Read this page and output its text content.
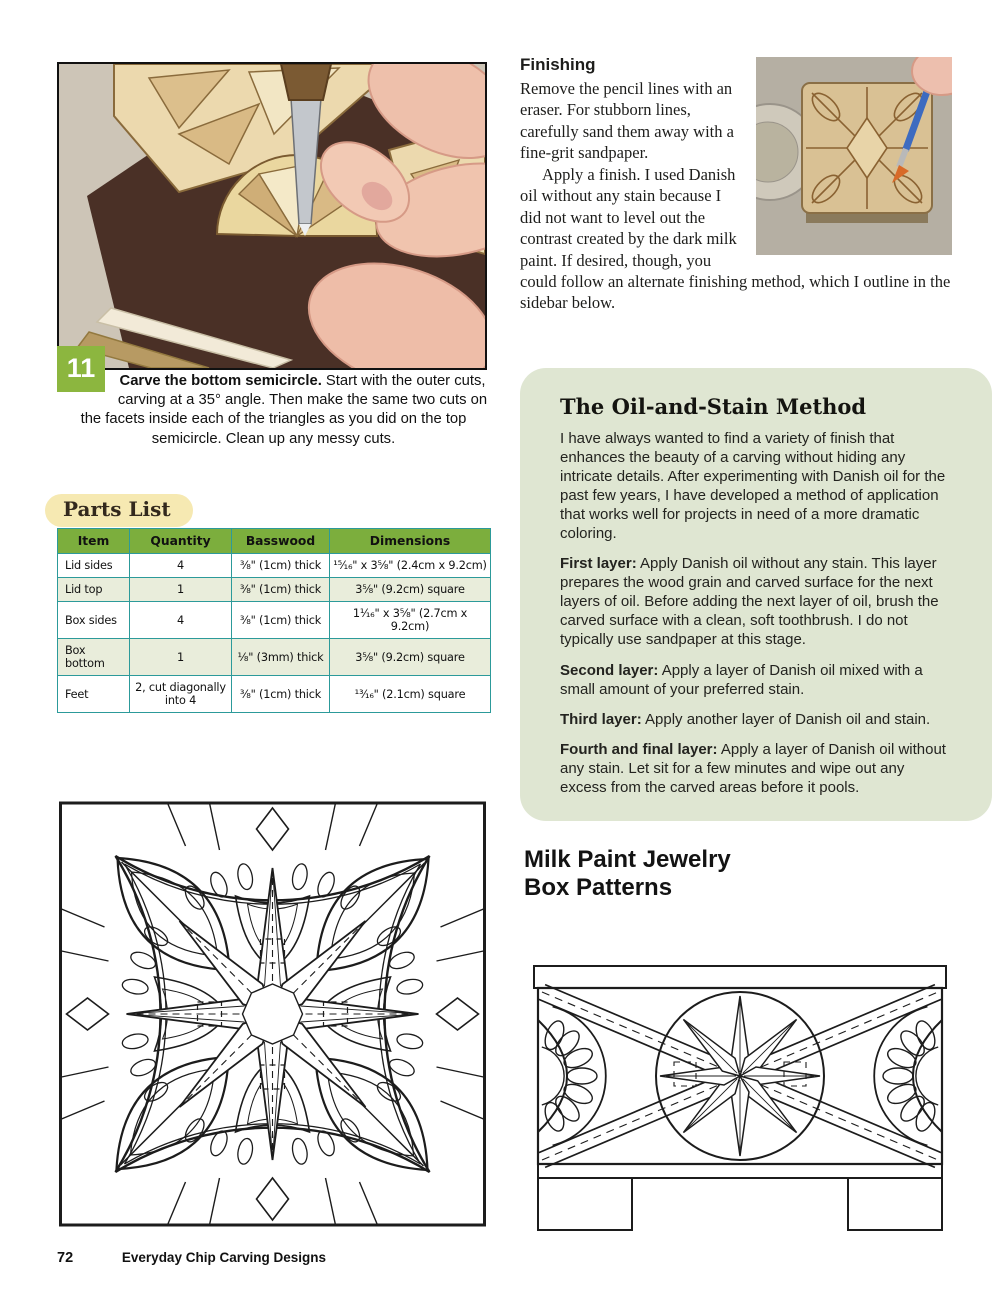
11	Carve the bottom semicircle. Start with the outer cuts, carving at a 35° angle. Then make the same two cuts on the facets inside each of the triangles as you did on the top semicircle. Clean up any messy cuts.
Parts List
Item	Quantity	Basswood	Dimensions
Lid sides	4	⅜" (1cm) thick	¹⁵⁄₁₆" x 3⅝" (2.4cm x 9.2cm)
Lid top	1	⅜" (1cm) thick	3⅝" (9.2cm) square
Box sides	4	⅜" (1cm) thick	1¹⁄₁₆" x 3⅝" (2.7cm x 9.2cm)
Box bottom	1	⅛" (3mm) thick	3⅝" (9.2cm) square
Feet	2, cut diagonally into 4	⅜" (1cm) thick	¹³⁄₁₆" (2.1cm) square
Finishing

Remove the pencil lines with an eraser. For stubborn lines, carefully sand them away with a fine-grit sandpaper.

Apply a finish. I used Danish oil without any stain because I did not want to level out the contrast created by the dark milk paint. If desired, though, you could follow an alternate finishing method, which I outline in the sidebar below.

The Oil-and-Stain Method

I have always wanted to find a variety of finish that enhances the beauty of a carving without hiding any intricate details. After experimenting with Danish oil for the past few years, I have developed a method of application that works well for projects in need of a more dramatic coloring.

First layer: Apply Danish oil without any stain. This layer prepares the wood grain and carved surface for the next layers of oil. Before adding the next layer of oil, brush the carved surface with a clean, soft toothbrush. I do not typically use sandpaper at this stage.

Second layer: Apply a layer of Danish oil mixed with a small amount of your preferred stain.

Third layer: Apply another layer of Danish oil and stain.

Fourth and final layer: Apply a layer of Danish oil without any stain. Let sit for a few minutes and wipe out any excess from the carved areas before it pools.

Milk Paint Jewelry
Box Patterns
72	Everyday Chip Carving Designs
